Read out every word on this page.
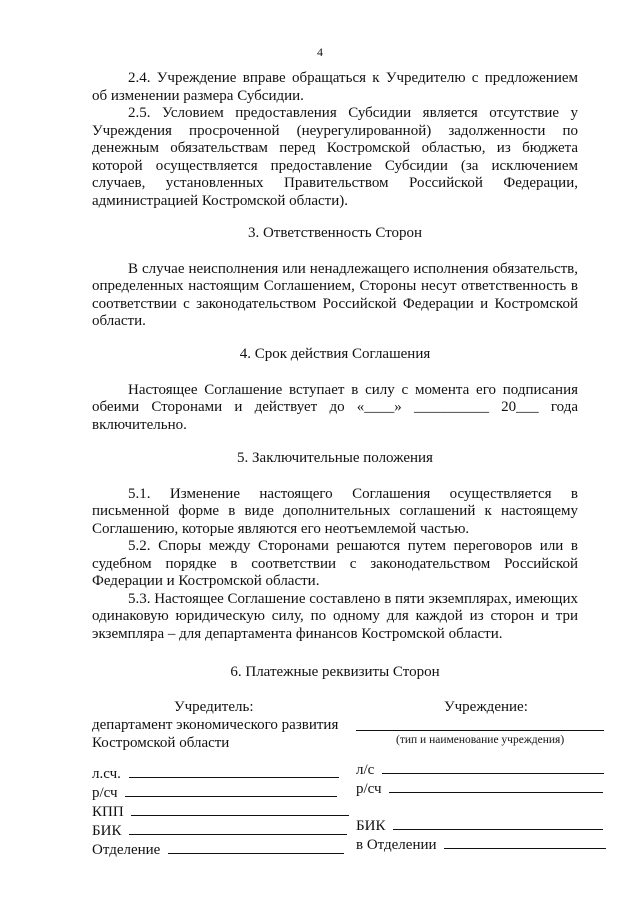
4

2.4. Учреждение вправе обращаться к Учредителю с предложением об изменении размера Субсидии.

2.5. Условием предоставления Субсидии является отсутствие у Учреждения просроченной (неурегулированной) задолженности по денежным обязательствам перед Костромской областью, из бюджета которой осуществляется предоставление Субсидии (за исключением случаев, установленных Правительством Российской Федерации, администрацией Костромской области).

3. Ответственность Сторон

В случае неисполнения или ненадлежащего исполнения обязательств, определенных настоящим Соглашением, Стороны несут ответственность в соответствии с законодательством Российской Федерации и Костромской области.

4. Срок действия Соглашения

Настоящее Соглашение вступает в силу с момента его подписания обеими Сторонами и действует до «____» __________ 20___ года включительно.

5. Заключительные положения

5.1. Изменение настоящего Соглашения осуществляется в письменной форме в виде дополнительных соглашений к настоящему Соглашению, которые являются его неотъемлемой частью.

5.2. Споры между Сторонами решаются путем переговоров или в судебном порядке в соответствии с законодательством Российской Федерации и Костромской области.

5.3. Настоящее Соглашение составлено в пяти экземплярах, имеющих одинаковую юридическую силу, по одному для каждой из сторон и три экземпляра – для департамента финансов Костромской области.

6. Платежные реквизиты Сторон

Учредитель:
департамент экономического развития
Костромской области
л.сч.
р/сч
КПП
БИК
Отделение
Учреждение:
(тип и наименование учреждения)
л/с
р/сч
БИК
в Отделении
